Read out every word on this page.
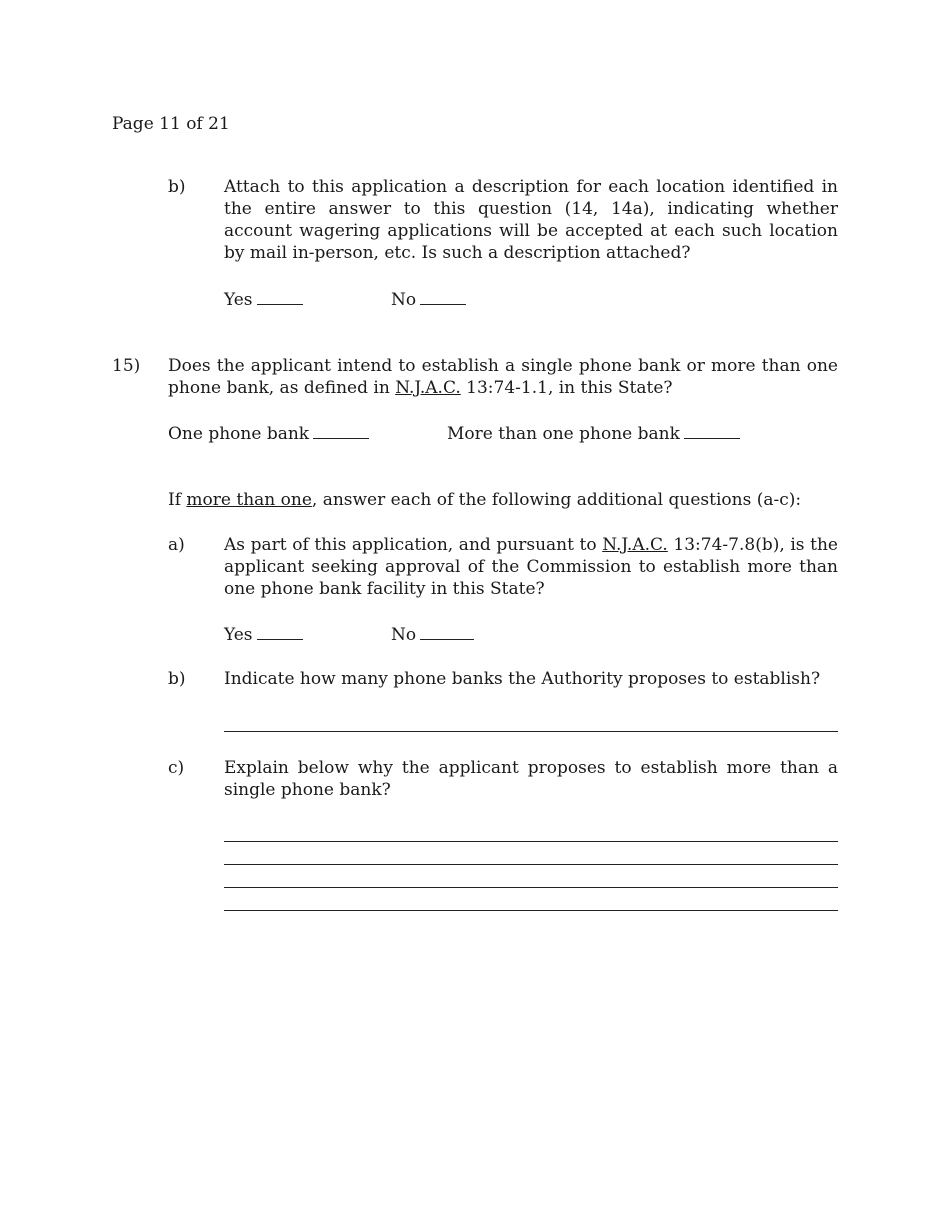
Page 11 of 21
b) Attach to this application a description for each location identified in the entire answer to this question (14, 14a), indicating whether account wagering applications will be accepted at each such location by mail in-person, etc. Is such a description attached?
Yes	No
15) Does the applicant intend to establish a single phone bank or more than one phone bank, as defined in N.J.A.C. 13:74-1.1, in this State?
One phone bank	More than one phone bank
If more than one, answer each of the following additional questions (a-c):
a) As part of this application, and pursuant to N.J.A.C. 13:74-7.8(b), is the applicant seeking approval of the Commission to establish more than one phone bank facility in this State?
Yes	No
b) Indicate how many phone banks the Authority proposes to establish?
c) Explain below why the applicant proposes to establish more than a single phone bank?
